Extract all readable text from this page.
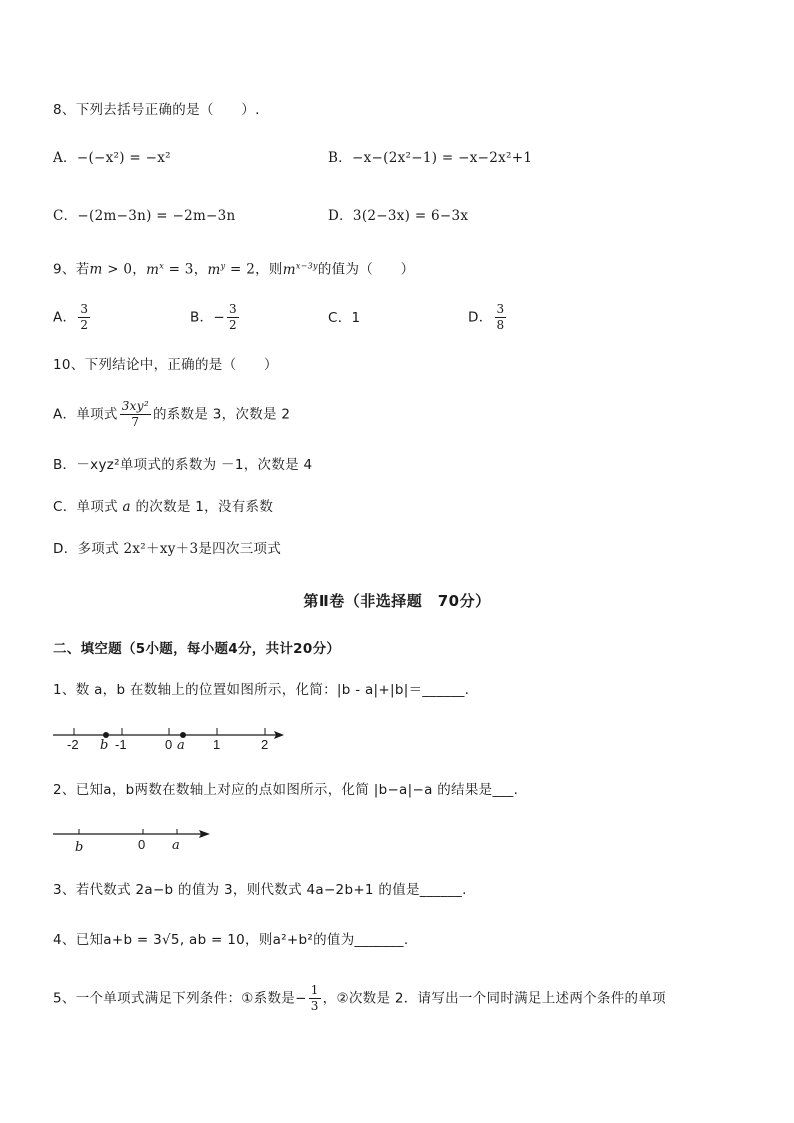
8、下列去括号正确的是（　　）.
A．−(−x²) = −x²	B．−x−(2x²−1) = −x−2x²+1
C．−(2m−3n) = −2m−3n	D．3(2−3x) = 6−3x
9、若m > 0，$m^x = 3$，$m^y = 2$，则$m^{x-3y}$的值为（　　）
A． $\frac{3}{2}$	B．− $\frac{3}{2}$	C．1	D． $\frac{3}{8}$
10、下列结论中，正确的是（　　）
A．单项式 $\frac{\text{3xy²}}{7}$ 的系数是 3，次数是 2
B．－xyz²单项式的系数为 －1，次数是 4
C．单项式 a 的次数是 1，没有系数
D．多项式 2x²＋xy＋3是四次三项式
第Ⅱ卷（非选择题　70分）
二、填空题（5小题，每小题4分，共计20分）
1、数 a，b 在数轴上的位置如图所示，化简：|b - a|+|b|＝______.
-2 b -1	0 a 1	2
b	0 a
2、已知a，b两数在数轴上对应的点如图所示，化简 |b−a|−a 的结果是___.
3、若代数式 2a−b 的值为 3，则代数式 4a−2b+1 的值是______.
4、已知a+b = 3√5, ab = 10，则a²+b²的值为_______.
5、一个单项式满足下列条件：①系数是− $\frac{1}{3}$ ，②次数是 2．请写出一个同时满足上述两个条件的单项
